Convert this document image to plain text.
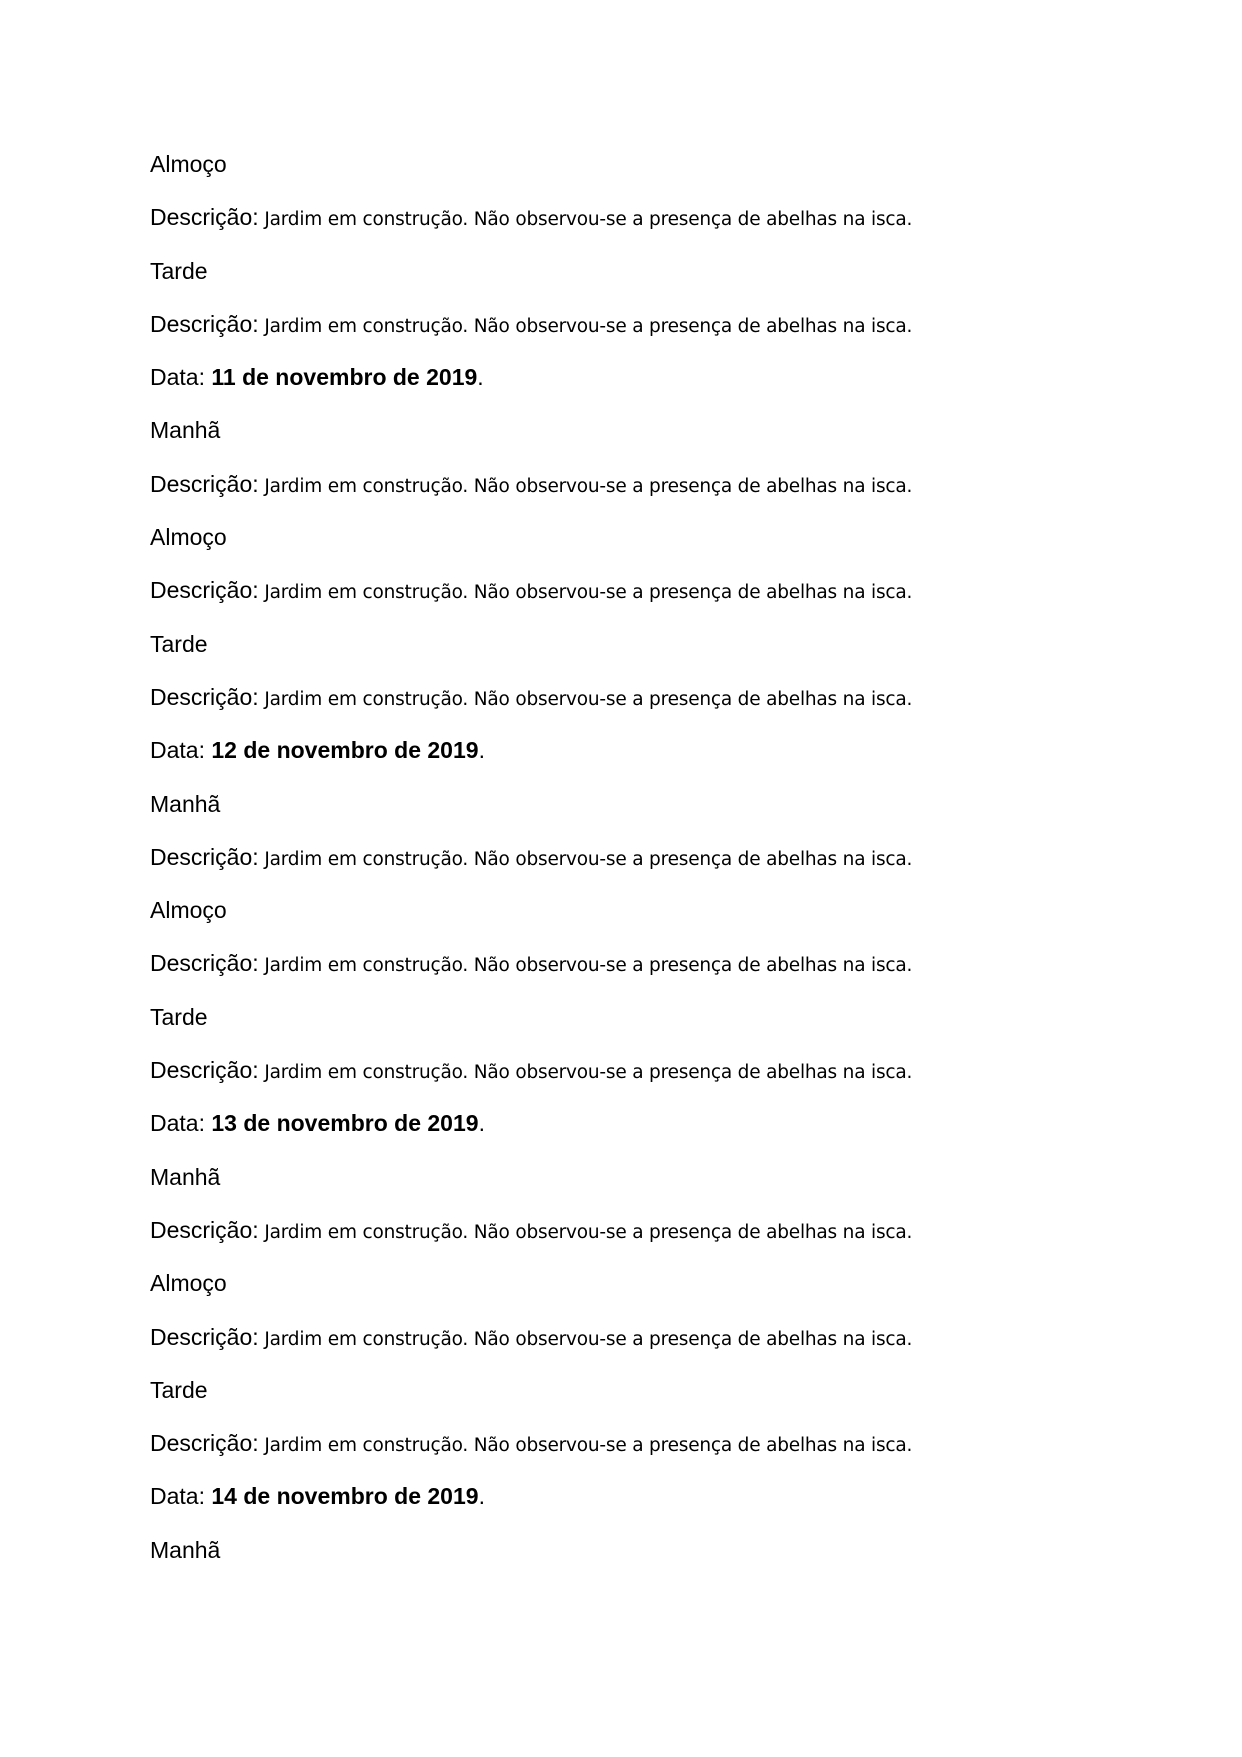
Almoço
Descrição: Jardim em construção. Não observou-se a presença de abelhas na isca.
Tarde
Descrição: Jardim em construção. Não observou-se a presença de abelhas na isca.
Data: 11 de novembro de 2019.
Manhã
Descrição: Jardim em construção. Não observou-se a presença de abelhas na isca.
Almoço
Descrição: Jardim em construção. Não observou-se a presença de abelhas na isca.
Tarde
Descrição: Jardim em construção. Não observou-se a presença de abelhas na isca.
Data: 12 de novembro de 2019.
Manhã
Descrição: Jardim em construção. Não observou-se a presença de abelhas na isca.
Almoço
Descrição: Jardim em construção. Não observou-se a presença de abelhas na isca.
Tarde
Descrição: Jardim em construção. Não observou-se a presença de abelhas na isca.
Data: 13 de novembro de 2019.
Manhã
Descrição: Jardim em construção. Não observou-se a presença de abelhas na isca.
Almoço
Descrição: Jardim em construção. Não observou-se a presença de abelhas na isca.
Tarde
Descrição: Jardim em construção. Não observou-se a presença de abelhas na isca.
Data: 14 de novembro de 2019.
Manhã
